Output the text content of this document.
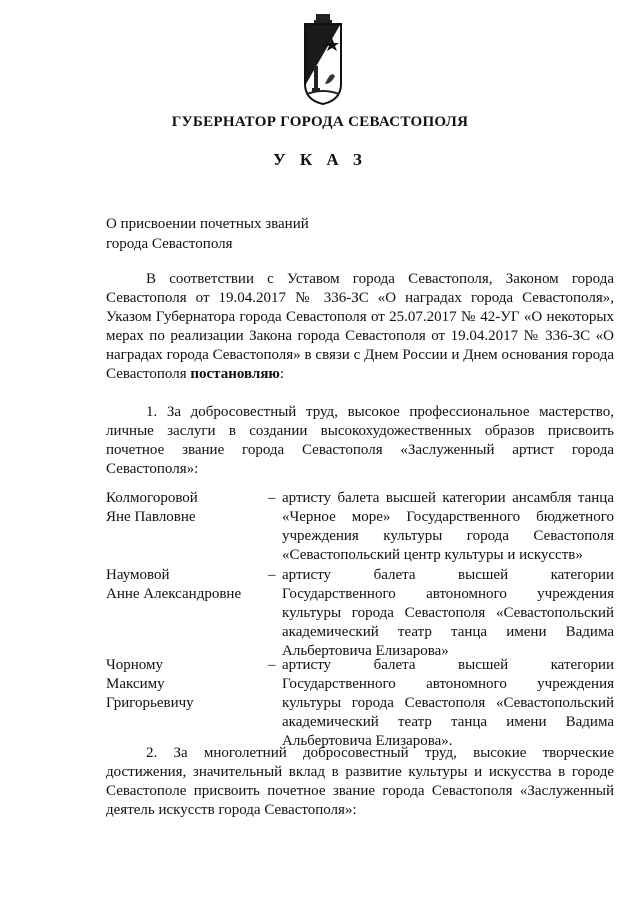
ГУБЕРНАТОР ГОРОДА СЕВАСТОПОЛЯ
У К А З
О присвоении почетных званий
города Севастополя

В соответствии с Уставом города Севастополя, Законом города Севастополя от 19.04.2017 № 336-ЗС «О наградах города Севастополя», Указом Губернатора города Севастополя от 25.07.2017 № 42-УГ «О некоторых мерах по реализации Закона города Севастополя от 19.04.2017 № 336-ЗС «О наградах города Севастополя» в связи с Днем России и Днем основания города Севастополя постановляю:

1. За добросовестный труд, высокое профессиональное мастерство, личные заслуги в создании высокохудожественных образов присвоить почетное звание города Севастополя «Заслуженный артист города Севастополя»:

Колмогоровой
Яне Павловне
– артисту балета высшей категории ансамбля танца «Черное море» Государственного бюджетного учреждения культуры города Севастополя «Севастопольский центр культуры и искусств»
Наумовой
Анне Александровне
– артисту балета высшей категории Государственного автономного учреждения культуры города Севастополя «Севастопольский академический театр танца имени Вадима Альбертовича Елизарова»
Чорному
Максиму
Григорьевичу
– артисту балета высшей категории Государственного автономного учреждения культуры города Севастополя «Севастопольский академический театр танца имени Вадима Альбертовича Елизарова».

2. За многолетний добросовестный труд, высокие творческие достижения, значительный вклад в развитие культуры и искусства в городе Севастополе присвоить почетное звание города Севастополя «Заслуженный деятель искусств города Севастополя»:
